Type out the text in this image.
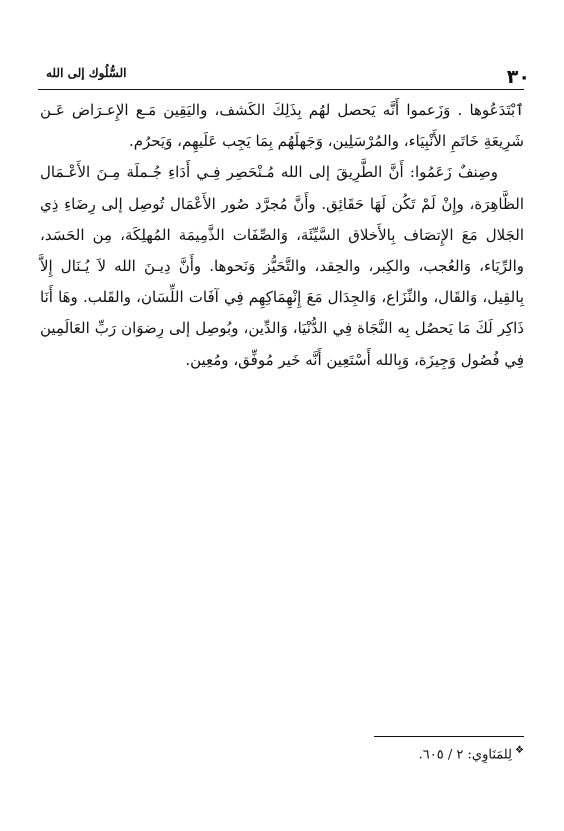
٣٠
السُّلُوك إلى الله

ٱبْتَدَعُوها . وَزَعموا أَنَّه يَحصل لهُم بِذَلِكَ الكَشف، واليَقِين مَـع الإِعـرَاض عَـن شَرِيعَةِ خَاتَمِ الأَنْبِيَاء، والمُرْسَلِين، وَجَهلَهُم بِمَا يَجِب عَلَيهِم، وَيَحرُم.

وصِنفٌ زَعَمُوا: أَنَّ الطَّرِيقَ إلى الله مُـنْحَصِر فِـي أَدَاءِ جُـملَة مِـنَ الأَعْـمَال الظَّاهِرَة، وإِنْ لَمْ تَكُن لَهَا حَقَائِق. وأَنَّ مُجرَّد صُور الأَعْمَال تُوصِل إلى رِضَاءِ ذِي الجَلال مَعَ الإِتصَاف بِالأَخلاق السَّيِّئَة، وَالصِّفَات الذَّمِيمَة المُهلِكَة، مِن الحَسَد، والرِّيَاء، وَالعُجب، والكِبر، والحِقد، والتَّحَيُّز وَنَحوها. وأَنَّ دِيـنَ الله لاَ يُـنَال إِلاَّ بِالقِيل، وَالقَال، والنِّزَاع، وَالجِدَال مَعَ إِنْهِمَاكِهِم فِي آفَات اللِّسَان، والقَلب. وهَا أَنَا ذَاكِر لَكَ مَا يَحصُل بِه النَّجَاة فِي الدُّنْيَا، وَالدِّين، وبُوصِل إلى رِضوَان رَبِّ العَالَمِين فِي فُصُول وَجِيزَة، وَبِالله أَسْتَعِين أَنَّه خَير مُوفِّق، ومُعِين.

❖لِلمَنَاوِي: ٢ / ٦٠٥.
